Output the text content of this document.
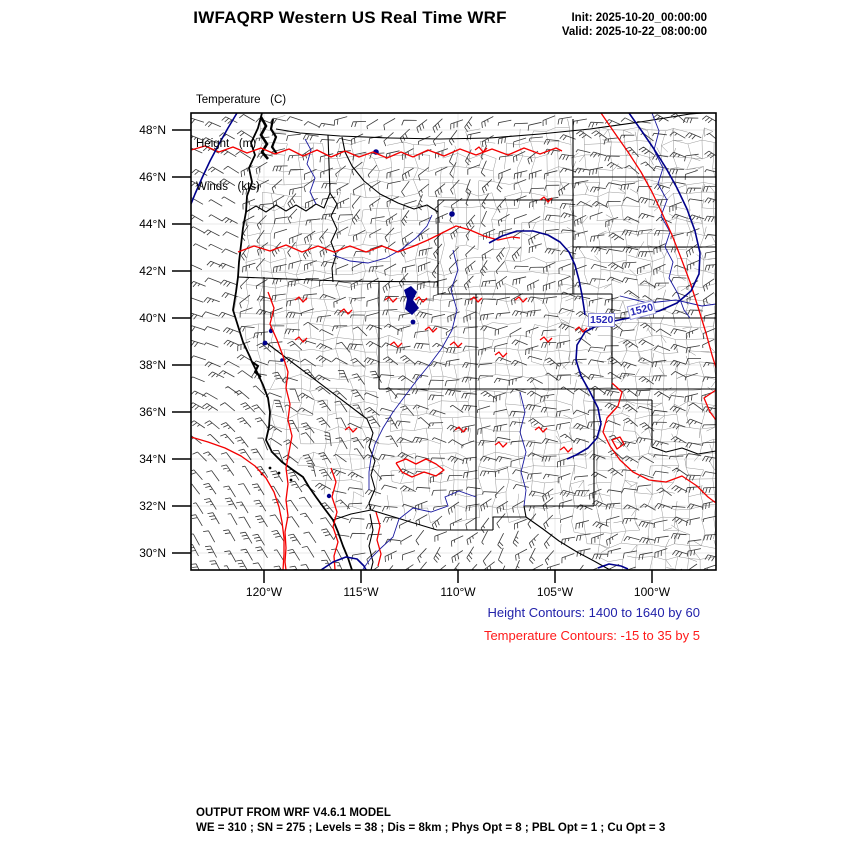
IWFAQRP Western US Real Time WRF	Init: 2025-10-20_00:00:00
Valid: 2025-10-22_08:00:00

Temperature   (C)

Height   (m)

Winds   (kts)

48°N
46°N
44°N
42°N
40°N
38°N
36°N
34°N
32°N
30°N
120°W	115°W	110°W	105°W	100°W
1520
1520
Height Contours: 1400 to 1640 by 60
Temperature Contours: -15 to 35 by 5
OUTPUT FROM WRF V4.6.1 MODEL
WE = 310 ; SN = 275 ; Levels = 38 ; Dis = 8km ; Phys Opt = 8 ; PBL Opt = 1 ; Cu Opt = 3
